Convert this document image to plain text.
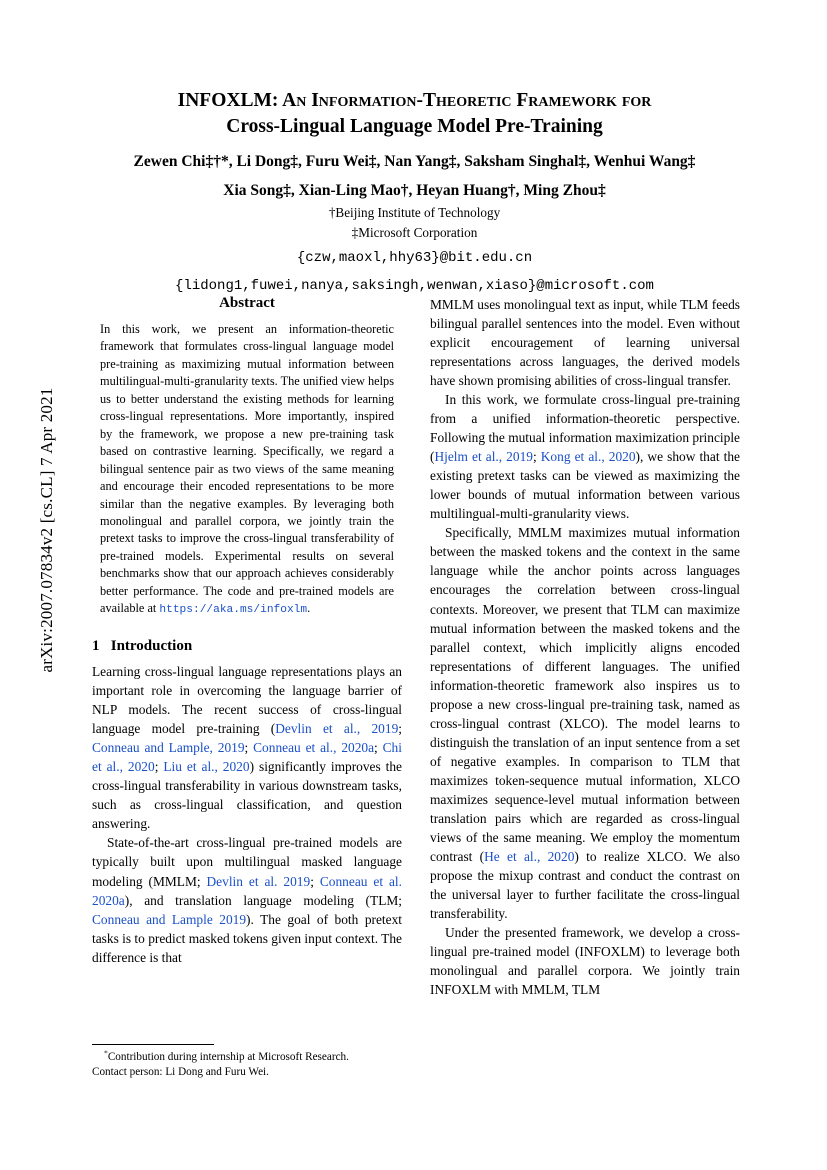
arXiv:2007.07834v2 [cs.CL] 7 Apr 2021
INFOXLM: An Information-Theoretic Framework for
Cross-Lingual Language Model Pre-Training
Zewen Chi‡†*, Li Dong‡, Furu Wei‡, Nan Yang‡, Saksham Singhal‡, Wenhui Wang‡
Xia Song‡, Xian-Ling Mao†, Heyan Huang†, Ming Zhou‡
†Beijing Institute of Technology
‡Microsoft Corporation
{czw,maoxl,hhy63}@bit.edu.cn
{lidong1,fuwei,nanya,saksingh,wenwan,xiaso}@microsoft.com
Abstract

In this work, we present an information-theoretic framework that formulates cross-lingual language model pre-training as maximizing mutual information between multilingual-multi-granularity texts. The unified view helps us to better understand the existing methods for learning cross-lingual representations. More importantly, inspired by the framework, we propose a new pre-training task based on contrastive learning. Specifically, we regard a bilingual sentence pair as two views of the same meaning and encourage their encoded representations to be more similar than the negative examples. By leveraging both monolingual and parallel corpora, we jointly train the pretext tasks to improve the cross-lingual transferability of pre-trained models. Experimental results on several benchmarks show that our approach achieves considerably better performance. The code and pre-trained models are available at https://aka.ms/infoxlm.

1 Introduction

Learning cross-lingual language representations plays an important role in overcoming the language barrier of NLP models. The recent success of cross-lingual language model pre-training (Devlin et al., 2019; Conneau and Lample, 2019; Conneau et al., 2020a; Chi et al., 2020; Liu et al., 2020) significantly improves the cross-lingual transferability in various downstream tasks, such as cross-lingual classification, and question answering.

State-of-the-art cross-lingual pre-trained models are typically built upon multilingual masked language modeling (MMLM; Devlin et al. 2019; Conneau et al. 2020a), and translation language modeling (TLM; Conneau and Lample 2019). The goal of both pretext tasks is to predict masked tokens given input context. The difference is that

MMLM uses monolingual text as input, while TLM feeds bilingual parallel sentences into the model. Even without explicit encouragement of learning universal representations across languages, the derived models have shown promising abilities of cross-lingual transfer.

In this work, we formulate cross-lingual pre-training from a unified information-theoretic perspective. Following the mutual information maximization principle (Hjelm et al., 2019; Kong et al., 2020), we show that the existing pretext tasks can be viewed as maximizing the lower bounds of mutual information between various multilingual-multi-granularity views.

Specifically, MMLM maximizes mutual information between the masked tokens and the context in the same language while the anchor points across languages encourages the correlation between cross-lingual contexts. Moreover, we present that TLM can maximize mutual information between the masked tokens and the parallel context, which implicitly aligns encoded representations of different languages. The unified information-theoretic framework also inspires us to propose a new cross-lingual pre-training task, named as cross-lingual contrast (XLCO). The model learns to distinguish the translation of an input sentence from a set of negative examples. In comparison to TLM that maximizes token-sequence mutual information, XLCO maximizes sequence-level mutual information between translation pairs which are regarded as cross-lingual views of the same meaning. We employ the momentum contrast (He et al., 2020) to realize XLCO. We also propose the mixup contrast and conduct the contrast on the universal layer to further facilitate the cross-lingual transferability.

Under the presented framework, we develop a cross-lingual pre-trained model (INFOXLM) to leverage both monolingual and parallel corpora. We jointly train INFOXLM with MMLM, TLM

*Contribution during internship at Microsoft Research.
Contact person: Li Dong and Furu Wei.
